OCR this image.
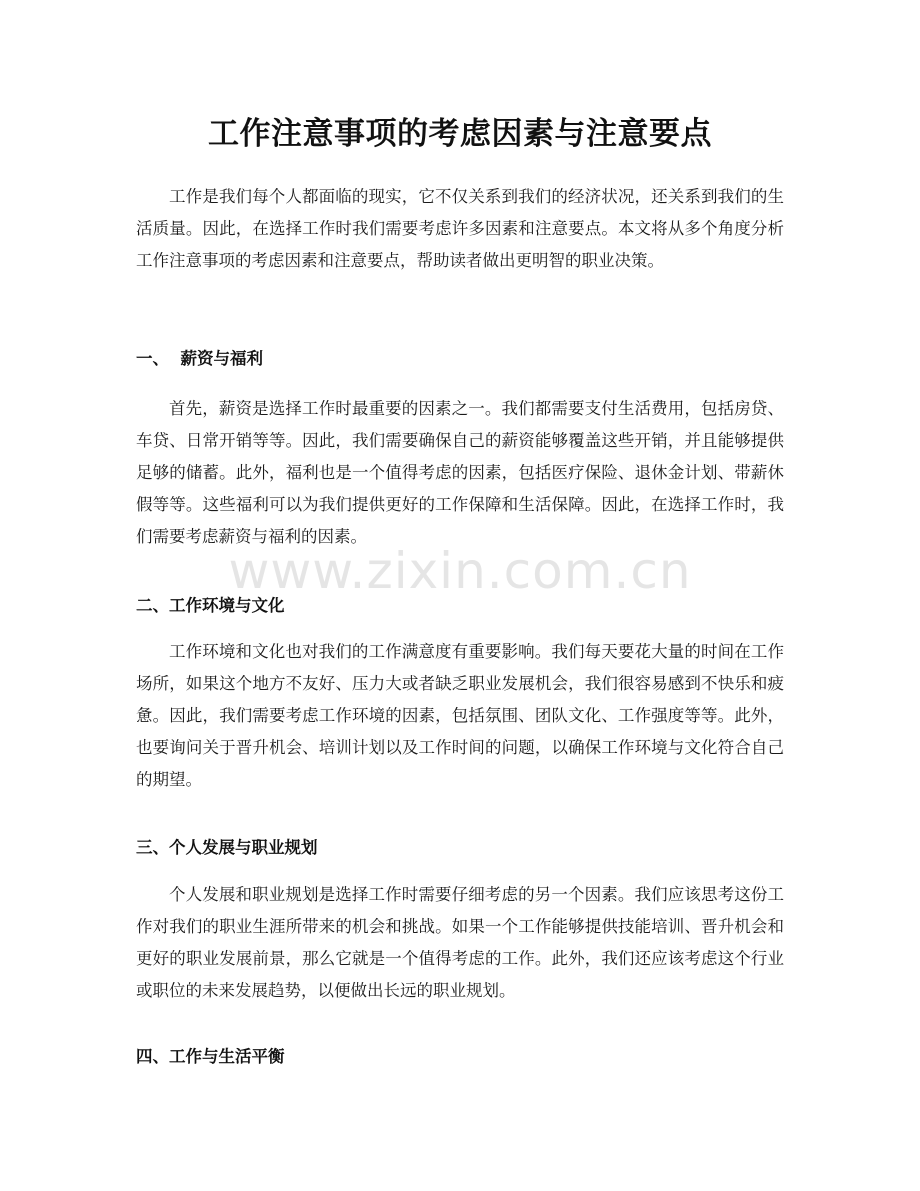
工作注意事项的考虑因素与注意要点

工作是我们每个人都面临的现实，它不仅关系到我们的经济状况，还关系到我们的生活质量。因此，在选择工作时我们需要考虑许多因素和注意要点。本文将从多个角度分析工作注意事项的考虑因素和注意要点，帮助读者做出更明智的职业决策。

一、  薪资与福利

首先，薪资是选择工作时最重要的因素之一。我们都需要支付生活费用，包括房贷、车贷、日常开销等等。因此，我们需要确保自己的薪资能够覆盖这些开销，并且能够提供足够的储蓄。此外，福利也是一个值得考虑的因素，包括医疗保险、退休金计划、带薪休假等等。这些福利可以为我们提供更好的工作保障和生活保障。因此，在选择工作时，我们需要考虑薪资与福利的因素。

二、工作环境与文化

工作环境和文化也对我们的工作满意度有重要影响。我们每天要花大量的时间在工作场所，如果这个地方不友好、压力大或者缺乏职业发展机会，我们很容易感到不快乐和疲惫。因此，我们需要考虑工作环境的因素，包括氛围、团队文化、工作强度等等。此外，也要询问关于晋升机会、培训计划以及工作时间的问题，以确保工作环境与文化符合自己的期望。

三、个人发展与职业规划

个人发展和职业规划是选择工作时需要仔细考虑的另一个因素。我们应该思考这份工作对我们的职业生涯所带来的机会和挑战。如果一个工作能够提供技能培训、晋升机会和更好的职业发展前景，那么它就是一个值得考虑的工作。此外，我们还应该考虑这个行业或职位的未来发展趋势，以便做出长远的职业规划。

四、工作与生活平衡
www.zixin.com.cn
